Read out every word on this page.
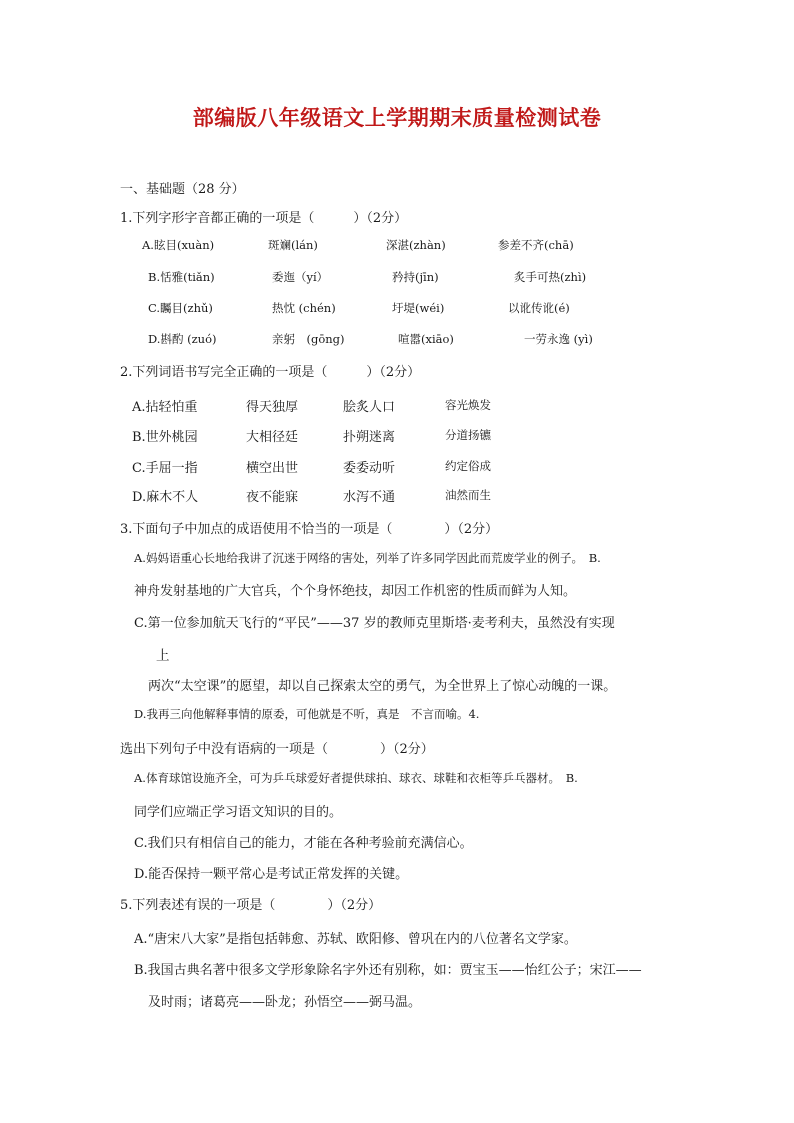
部编版八年级语文上学期期末质量检测试卷
一、基础题（28 分）
1.下列字形字音都正确的一项是（　　　）（2分）
A.眩目(xuàn)	斑斓(lán)	深湛(zhàn)	参差不齐(chā)
B.恬雅(tiǎn)	委迤（yí）	矜持(jīn)	炙手可热(zhì)
C.矚目(zhǔ)	热忱 (chén)	圩堤(wéi)	以讹传讹(é)
D.斟酌 (zuó)	亲躬　(gōng)	喧嚣(xiāo)	一劳永逸 (yì)
2.下列词语书写完全正确的一项是（　　　）（2分）
A.拈轻怕重	得天独厚	脍炙人口	容光焕发
B.世外桃园	大相径廷	扑朔迷离	分道扬镳
C.手屈一指	横空出世	委委动听	约定俗成
D.麻木不人	夜不能寐	水泻不通	油然而生
3.下面句子中加点的成语使用不恰当的一项是（　　　　）（2分）
A.妈妈语重心长地给我讲了沉迷于网络的害处，列举了许多同学因此而荒废学业的例子。　B.
神舟发射基地的广大官兵，个个身怀绝技，却因工作机密的性质而鲜为人知。
C.第一位参加航天飞行的“平民”——37 岁的教师克里斯塔·麦考利夫，虽然没有实现
上
两次“太空课”的愿望，却以自己探索太空的勇气，为全世界上了惊心动魄的一课。
D.我再三向他解释事情的原委，可他就是不听，真是　不言而喻。4.
选出下列句子中没有语病的一项是（　　　　）（2分）
A.体育球馆设施齐全，可为乒乓球爱好者提供球拍、球衣、球鞋和衣柜等乒乓器材。　B.
同学们应端正学习语文知识的目的。
C.我们只有相信自己的能力，才能在各种考验前充满信心。
D.能否保持一颗平常心是考试正常发挥的关键。
5.下列表述有误的一项是（　　　　）（2分）
A.“唐宋八大家”是指包括韩愈、苏轼、欧阳修、曾巩在内的八位著名文学家。
B.我国古典名著中很多文学形象除名字外还有别称，如：贾宝玉——怡红公子；宋江——
及时雨；诸葛亮——卧龙；孙悟空——弼马温。
